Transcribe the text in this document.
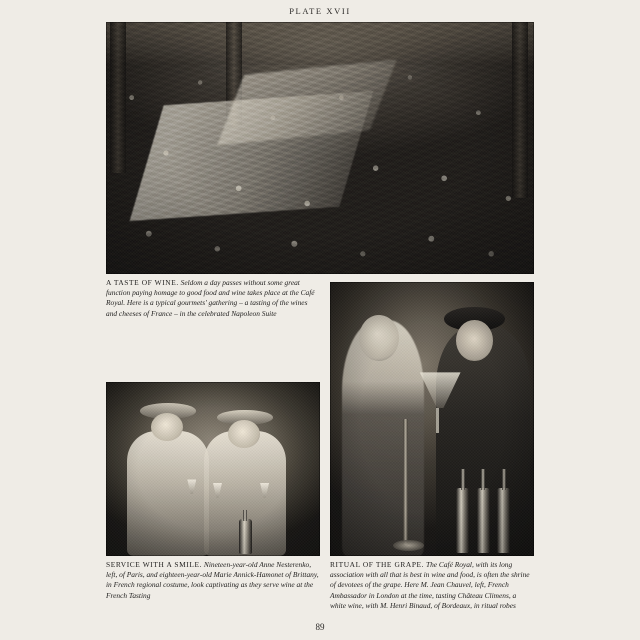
PLATE XVII
A TASTE OF WINE. Seldom a day passes without some great function paying homage to good food and wine takes place at the Café Royal. Here is a typical gourmets' gathering – a tasting of the wines and cheeses of France – in the celebrated Napoleon Suite
SERVICE WITH A SMILE. Nineteen-year-old Anne Nesterenko, left, of Paris, and eighteen-year-old Marie Annick-Hamonet of Brittany, in French regional costume, look captivating as they serve wine at the French Tasting
RITUAL OF THE GRAPE. The Café Royal, with its long association with all that is best in wine and food, is often the shrine of devotees of the grape. Here M. Jean Chauvel, left, French Ambassador in London at the time, tasting Château Climens, a white wine, with M. Henri Binaud, of Bordeaux, in ritual robes
89
